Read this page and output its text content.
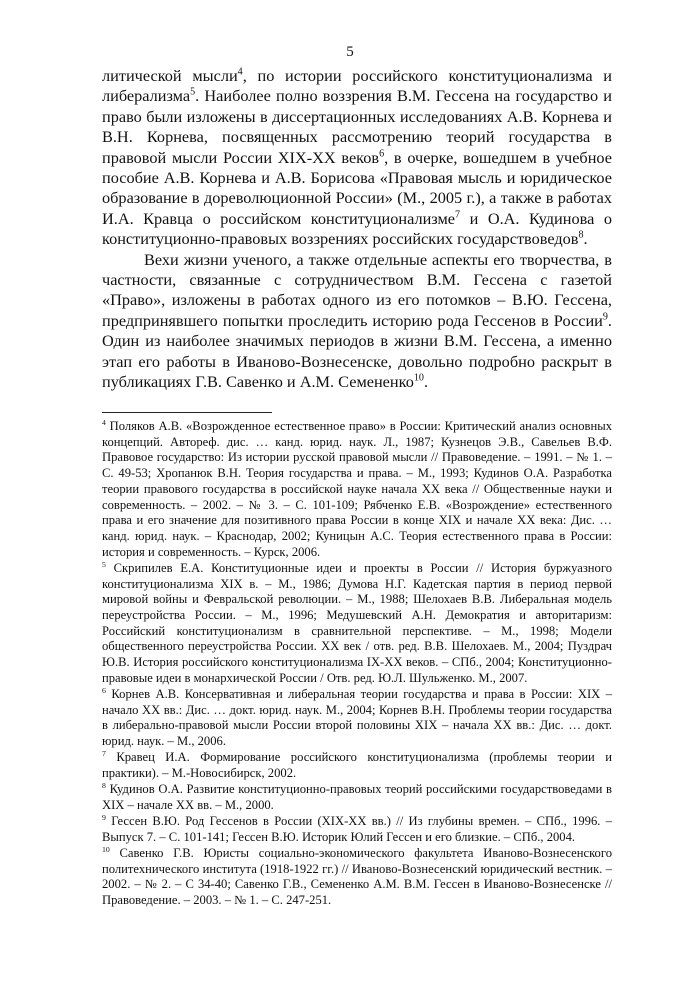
5

литической мысли$^4$, по истории российского конституционализма и либерализма$^5$. Наиболее полно воззрения В.М. Гессена на государство и право были изложены в диссертационных исследованиях А.В. Корнева и В.Н. Корнева, посвященных рассмотрению теорий государства в правовой мысли России XIX-XX веков$^6$, в очерке, вошедшем в учебное пособие А.В. Корнева и А.В. Борисова «Правовая мысль и юридическое образование в дореволюционной России» (М., 2005 г.), а также в работах И.А. Кравца о российском конституционализме$^7$ и О.А. Кудинова о конституционно-правовых воззрениях российских государствоведов$^8$.

Вехи жизни ученого, а также отдельные аспекты его творчества, в частности, связанные с сотрудничеством В.М. Гессена с газетой «Право», изложены в работах одного из его потомков – В.Ю. Гессена, предпринявшего попытки проследить историю рода Гессенов в России$^9$. Один из наиболее значимых периодов в жизни В.М. Гессена, а именно этап его работы в Иваново-Вознесенске, довольно подробно раскрыт в публикациях Г.В. Савенко и А.М. Семененко$^{10}$.

$^4$ Поляков А.В. «Возрожденное естественное право» в России: Критический анализ основных концепций. Автореф. дис. … канд. юрид. наук. Л., 1987; Кузнецов Э.В., Савельев В.Ф. Правовое государство: Из истории русской правовой мысли // Правоведение. – 1991. – № 1. – С. 49-53; Хропанюк В.Н. Теория государства и права. – М., 1993; Кудинов О.А. Разработка теории правового государства в российской науке начала XX века // Общественные науки и современность. – 2002. – № 3. – С. 101-109; Рябченко Е.В. «Возрождение» естественного права и его значение для позитивного права России в конце XIX и начале XX века: Дис. …канд. юрид. наук. – Краснодар, 2002; Куницын А.С. Теория естественного права в России: история и современность. – Курск, 2006.

$^5$ Скрипилев Е.А. Конституционные идеи и проекты в России // История буржуазного конституционализма XIX в. – М., 1986; Думова Н.Г. Кадетская партия в период первой мировой войны и Февральской революции. – М., 1988; Шелохаев В.В. Либеральная модель переустройства России. – М., 1996; Медушевский А.Н. Демократия и авторитаризм: Российский конституционализм в сравнительной перспективе. – М., 1998; Модели общественного переустройства России. XX век / отв. ред. В.В. Шелохаев. М., 2004; Пуздрач Ю.В. История российского конституционализма IX-XX веков. – СПб., 2004; Конституционно-правовые идеи в монархической России / Отв. ред. Ю.Л. Шульженко. М., 2007.

$^6$ Корнев А.В. Консервативная и либеральная теории государства и права в России: XIX – начало XX вв.: Дис. … докт. юрид. наук. М., 2004; Корнев В.Н. Проблемы теории государства в либерально-правовой мысли России второй половины XIX – начала XX вв.: Дис. … докт. юрид. наук. – М., 2006.

$^7$ Кравец И.А. Формирование российского конституционализма (проблемы теории и практики). – М.-Новосибирск, 2002.

$^8$ Кудинов О.А. Развитие конституционно-правовых теорий российскими государствоведами в XIX – начале XX вв. – М., 2000.

$^9$ Гессен В.Ю. Род Гессенов в России (XIX-XX вв.) // Из глубины времен. – СПб., 1996. – Выпуск 7. – С. 101-141; Гессен В.Ю. Историк Юлий Гессен и его близкие. – СПб., 2004.

$^{10}$ Савенко Г.В. Юристы социально-экономического факультета Иваново-Вознесенского политехнического института (1918-1922 гг.) // Иваново-Вознесенский юридический вестник. – 2002. – № 2. – С 34-40; Савенко Г.В., Семененко А.М. В.М. Гессен в Иваново-Вознесенске // Правоведение. – 2003. – № 1. – С. 247-251.
